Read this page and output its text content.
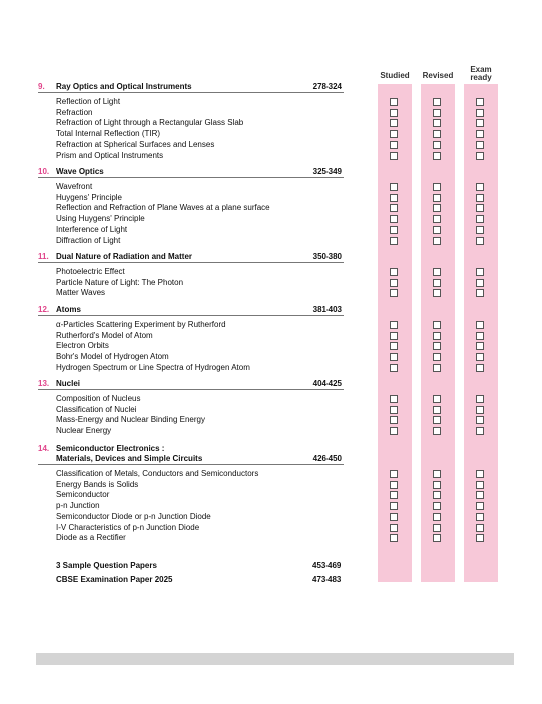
Studied Revised
Exam
ready
9. Ray Optics and Optical Instruments	278-324
Reflection of Light
Refraction
Refraction of Light through a Rectangular Glass Slab
Total Internal Reflection (TIR)
Refraction at Spherical Surfaces and Lenses
Prism and Optical Instruments
10. Wave Optics	325-349
Wavefront
Huygens' Principle
Reflection and Refraction of Plane Waves at a plane surface
Using Huygens' Principle
Interference of Light
Diffraction of Light
11. Dual Nature of Radiation and Matter	350-380
Photoelectric Effect
Particle Nature of Light: The Photon
Matter Waves
12. Atoms	381-403
α-Particles Scattering Experiment by Rutherford
Rutherford's Model of Atom
Electron Orbits
Bohr's Model of Hydrogen Atom
Hydrogen Spectrum or Line Spectra of Hydrogen Atom
13. Nuclei	404-425
Composition of Nucleus
Classification of Nuclei
Mass-Energy and Nuclear Binding Energy
Nuclear Energy
14. Semiconductor Electronics :
Materials, Devices and Simple Circuits	426-450
Classification of Metals, Conductors and Semiconductors
Energy Bands is Solids
Semiconductor
p-n Junction
Semiconductor Diode or p-n Junction Diode
I-V Characteristics of p-n Junction Diode
Diode as a Rectifier
3 Sample Question Papers	453-469
CBSE Examination Paper 2025	473-483
